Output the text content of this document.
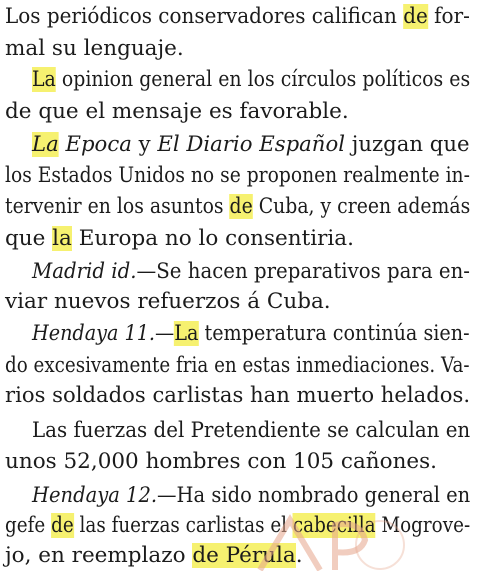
Los periódicos conservadores califican de for-
mal su lenguaje.
La opinion general en los círculos políticos es
de que el mensaje es favorable.
La Epoca y El Diario Español juzgan que
los Estados Unidos no se proponen realmente in-
tervenir en los asuntos de Cuba, y creen además
que la Europa no lo consentiria.
Madrid id.—Se hacen preparativos para en-
viar nuevos refuerzos á Cuba.
Hendaya 11.—La temperatura continúa sien-
do excesivamente fria en estas inmediaciones. Va-
rios soldados carlistas han muerto helados.
Las fuerzas del Pretendiente se calculan en
unos 52,000 hombres con 105 cañones.
Hendaya 12.—Ha sido nombrado general en
gefe de las fuerzas carlistas el cabecilla Mogrove-
jo, en reemplazo de Pérula.
